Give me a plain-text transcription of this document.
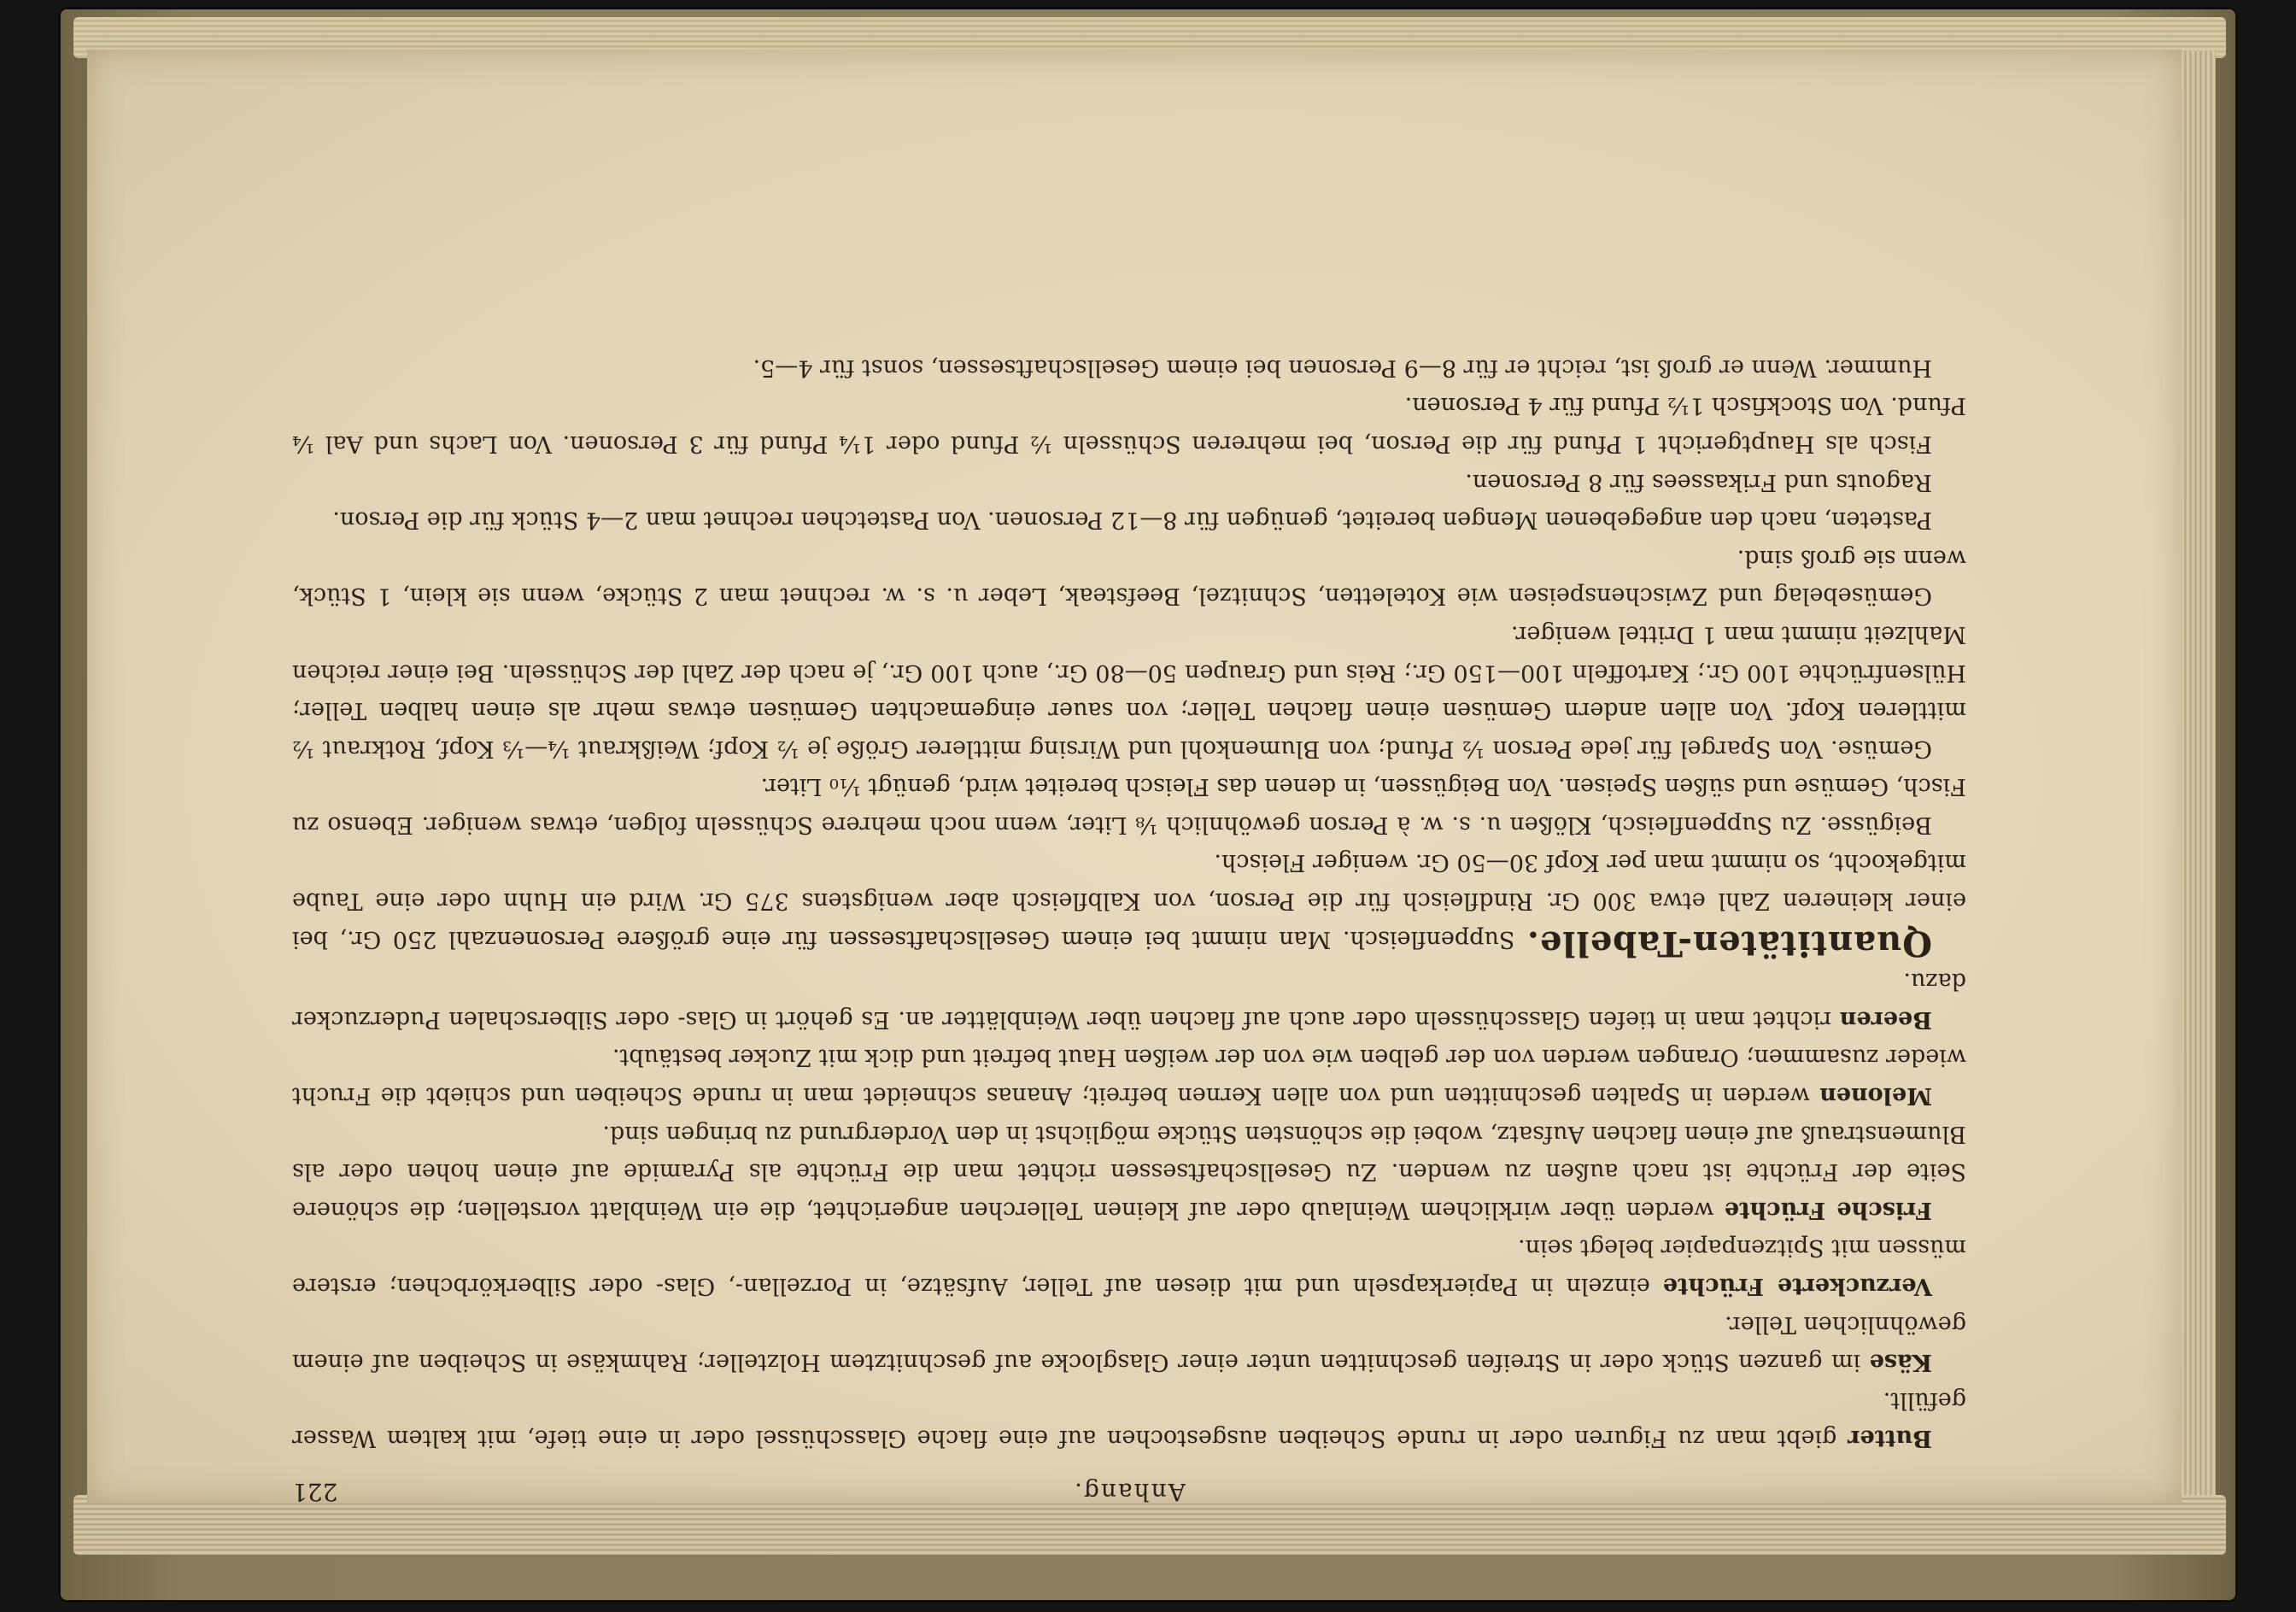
Anhang.
221

Butter giebt man zu Figuren oder in runde Scheiben ausgestochen auf eine flache Glasschüssel oder in eine tiefe, mit kaltem Wasser gefüllt.

Käse im ganzen Stück oder in Streifen geschnitten unter einer Glasglocke auf geschnitztem Holzteller; Rahmkäse in Scheiben auf einem gewöhnlichen Teller.

Verzuckerte Früchte einzeln in Papierkapseln und mit diesen auf Teller, Aufsätze, in Porzellan-, Glas- oder Silberkörbchen; erstere müssen mit Spitzenpapier belegt sein.

Frische Früchte werden über wirklichem Weinlaub oder auf kleinen Tellerchen angerichtet, die ein Weinblatt vorstellen; die schönere Seite der Früchte ist nach außen zu wenden. Zu Gesellschaftsessen richtet man die Früchte als Pyramide auf einen hohen oder als Blumenstrauß auf einen flachen Aufsatz, wobei die schönsten Stücke möglichst in den Vordergrund zu bringen sind.

Melonen werden in Spalten geschnitten und von allen Kernen befreit; Ananas schneidet man in runde Scheiben und schiebt die Frucht wieder zusammen; Orangen werden von der gelben wie von der weißen Haut befreit und dick mit Zucker bestäubt.

Beeren richtet man in tiefen Glasschüsseln oder auch auf flachen über Weinblätter an. Es gehört in Glas- oder Silberschalen Puderzucker dazu.

Quantitäten-Tabelle. Suppenfleisch. Man nimmt bei einem Gesellschaftsessen für eine größere Personenzahl 250 Gr., bei einer kleineren Zahl etwa 300 Gr. Rindfleisch für die Person, von Kalbfleisch aber wenigstens 375 Gr. Wird ein Huhn oder eine Taube mitgekocht, so nimmt man per Kopf 30—50 Gr. weniger Fleisch.

Beigüsse. Zu Suppenfleisch, Klößen u. s. w. à Person gewöhnlich ⅛ Liter, wenn noch mehrere Schüsseln folgen, etwas weniger. Ebenso zu Fisch, Gemüse und süßen Speisen. Von Beigüssen, in denen das Fleisch bereitet wird, genügt ⅒ Liter.

Gemüse. Von Spargel für jede Person ½ Pfund; von Blumenkohl und Wirsing mittlerer Größe je ½ Kopf; Weißkraut ¼—⅓ Kopf, Rotkraut ½ mittleren Kopf. Von allen andern Gemüsen einen flachen Teller; von sauer eingemachten Gemüsen etwas mehr als einen halben Teller; Hülsenfrüchte 100 Gr.; Kartoffeln 100—150 Gr.; Reis und Graupen 50—80 Gr., auch 100 Gr., je nach der Zahl der Schüsseln. Bei einer reichen Mahlzeit nimmt man 1 Drittel weniger.

Gemüsebelag und Zwischenspeisen wie Koteletten, Schnitzel, Beefsteak, Leber u. s. w. rechnet man 2 Stücke, wenn sie klein, 1 Stück, wenn sie groß sind.

Pasteten, nach den angegebenen Mengen bereitet, genügen für 8—12 Personen. Von Pastetchen rechnet man 2—4 Stück für die Person.

Ragouts und Frikassees für 8 Personen.

Fisch als Hauptgericht 1 Pfund für die Person, bei mehreren Schüsseln ½ Pfund oder 1¼ Pfund für 3 Personen. Von Lachs und Aal ¼ Pfund. Von Stockfisch 1½ Pfund für 4 Personen.

Hummer. Wenn er groß ist, reicht er für 8—9 Personen bei einem Gesellschaftsessen, sonst für 4—5.
